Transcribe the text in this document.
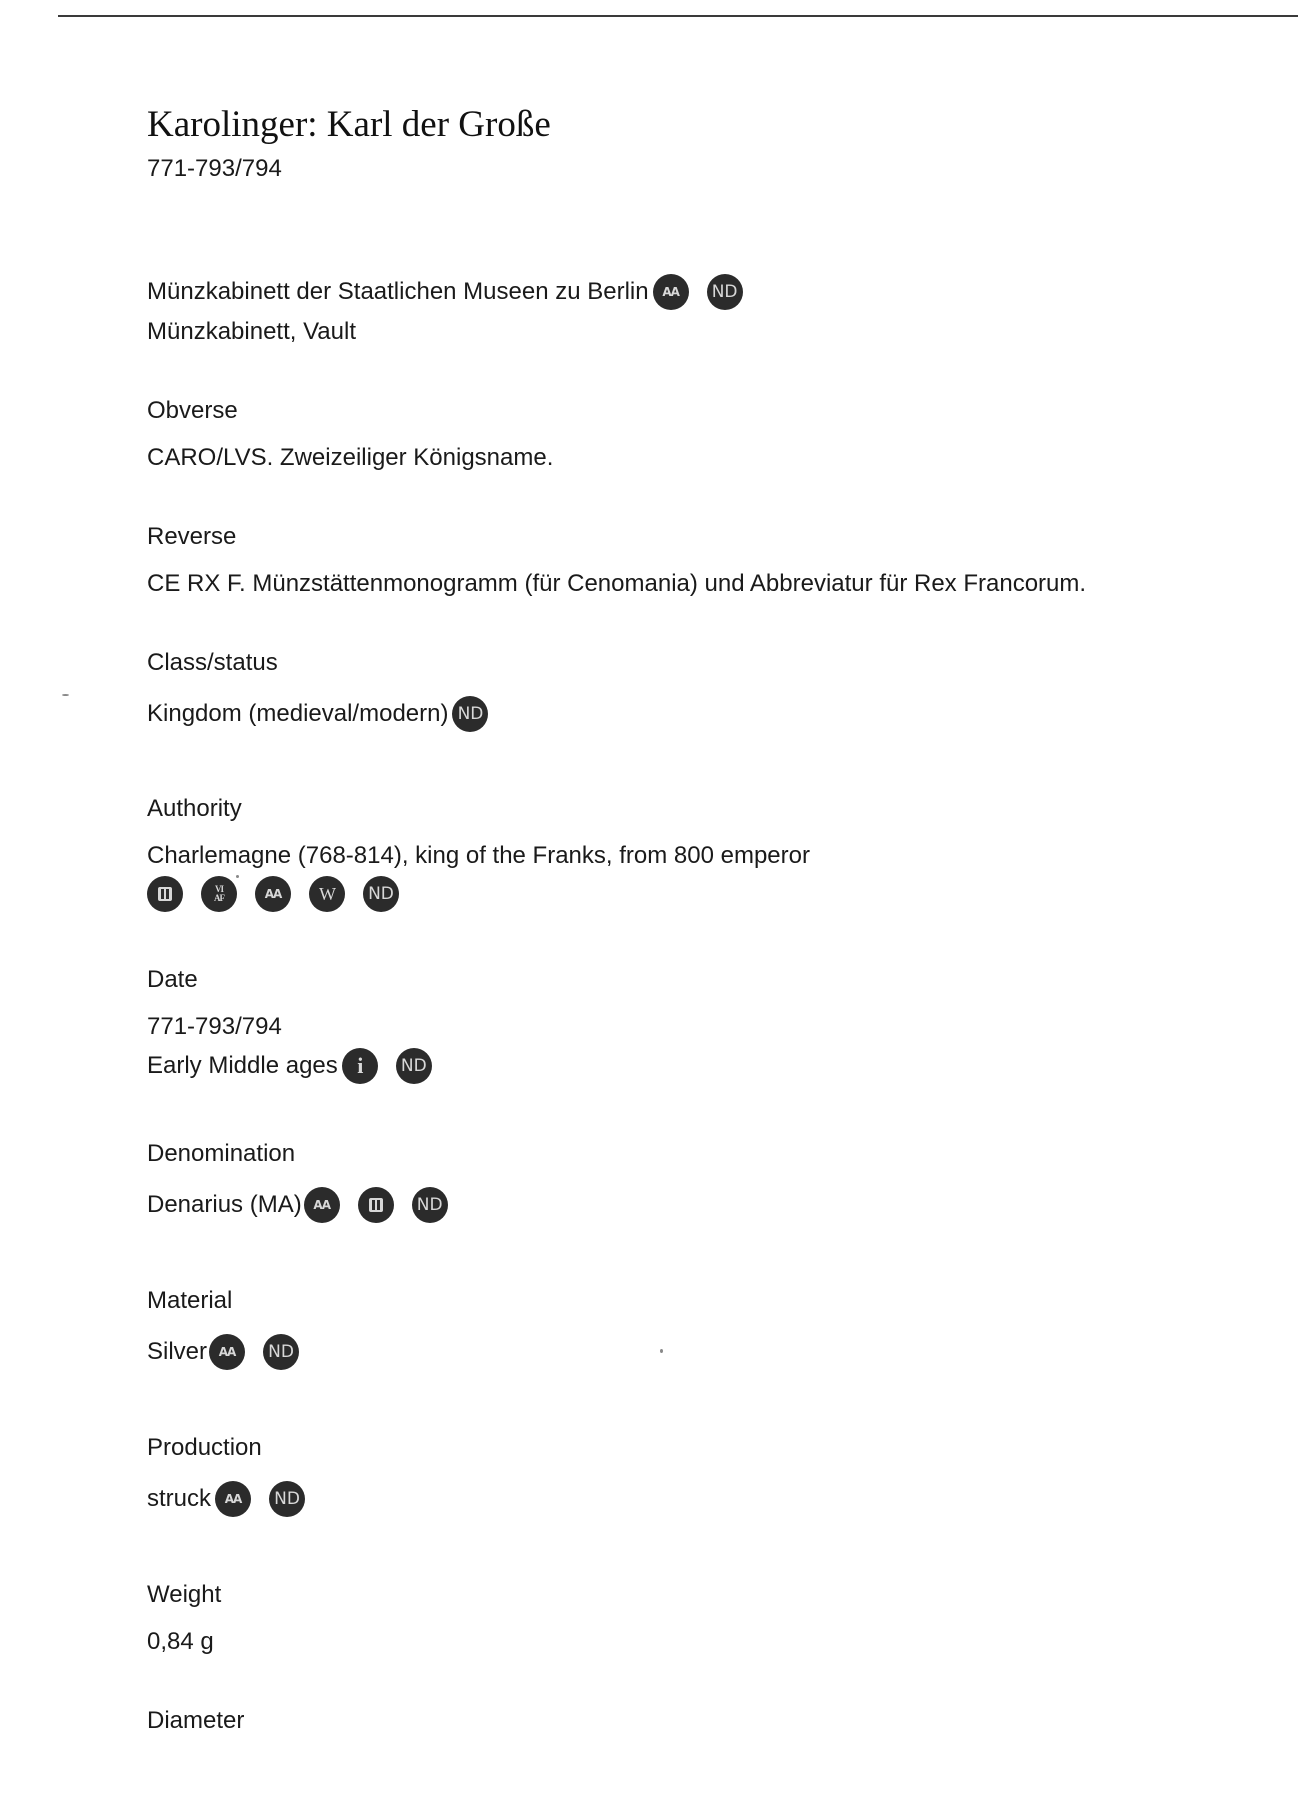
Karolinger: Karl der Große
771-793/794
Münzkabinett der Staatlichen Museen zu Berlin	AA	ND
Münzkabinett, Vault
Obverse
CARO/LVS. Zweizeiliger Königsname.
Reverse
CE RX F. Münzstättenmonogramm (für Cenomania) und Abbreviatur für Rex Francorum.
Class/status
Kingdom (medieval/modern) ND
Authority
Charlemagne (768-814), king of the Franks, from 800 emperor
VI
AF	AA	W	ND
Date
771-793/794
Early Middle ages i	ND
Denomination
Denarius (MA) AA	ND
Material
Silver AA	ND
Production
struck	AA	ND
Weight
0,84 g
Diameter
